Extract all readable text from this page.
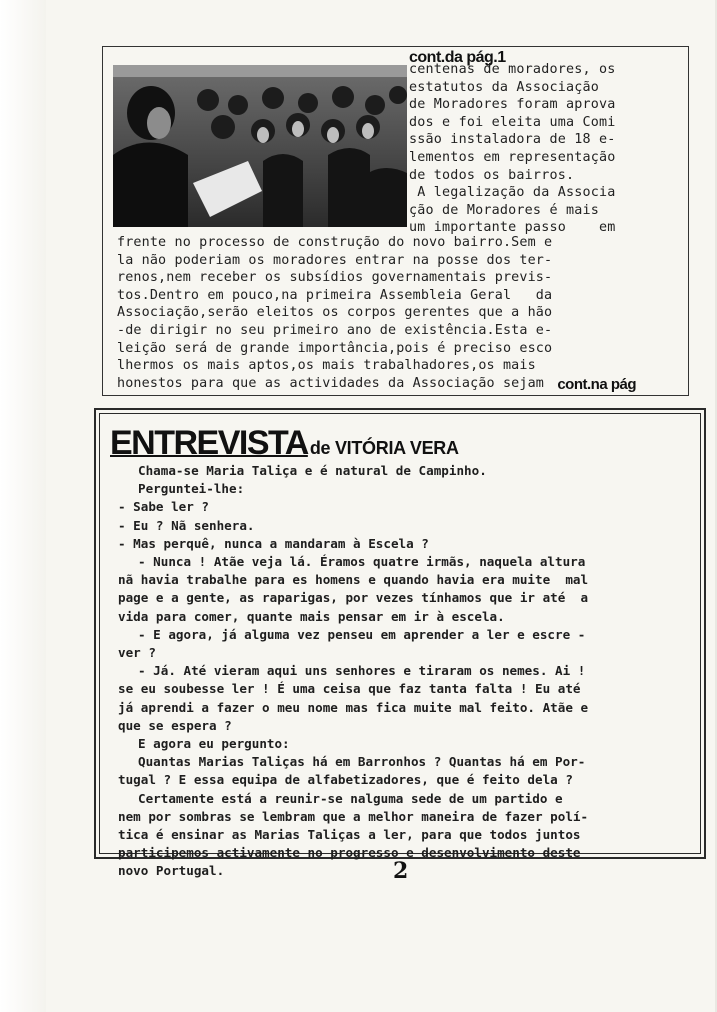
cont.da pág.1
centenas de moradores, os
estatutos da Associação
de Moradores foram aprova
dos e foi eleita uma Comi
ssão instaladora de 18 e-
lementos em representação
de todos os bairros.
A legalização da Associa
ção de Moradores é mais
um importante passo    em
frente no processo de construção do novo bairro.Sem e
la não poderiam os moradores entrar na posse dos ter-
renos,nem receber os subsídios governamentais previs-
tos.Dentro em pouco,na primeira Assembleia Geral   da
Associação,serão eleitos os corpos gerentes que a hão
-de dirigir no seu primeiro ano de existência.Esta e-
leição será de grande importância,pois é preciso esco
lhermos os mais aptos,os mais trabalhadores,os mais
honestos para que as actividades da Associação sejam cont.na pág
ENTREVISTA de VITÓRIA VERA
Chama-se Maria Taliça e é natural de Campinho.
Perguntei-lhe:
- Sabe ler ?
- Eu ? Nã senhera.
- Mas perquê, nunca a mandaram à Escela ?
- Nunca ! Atãe veja lá. Éramos quatre irmãs, naquela altura
nã havia trabalhe para es homens e quando havia era muite  mal
page e a gente, as raparigas, por vezes tínhamos que ir até  a
vida para comer, quante mais pensar em ir à escela.
- E agora, já alguma vez penseu em aprender a ler e escre -
ver ?
- Já. Até vieram aqui uns senhores e tiraram os nemes. Ai !
se eu soubesse ler ! É uma ceisa que faz tanta falta ! Eu até
já aprendi a fazer o meu nome mas fica muite mal feito. Atãe e
que se espera ?
E agora eu pergunto:
Quantas Marias Taliças há em Barronhos ? Quantas há em Por-
tugal ? E essa equipa de alfabetizadores, que é feito dela ?
Certamente está a reunir-se nalguma sede de um partido e
nem por sombras se lembram que a melhor maneira de fazer polí-
tica é ensinar as Marias Taliças a ler, para que todos juntos
participemos activamente no progresso e desenvolvimento deste
novo Portugal.	2
